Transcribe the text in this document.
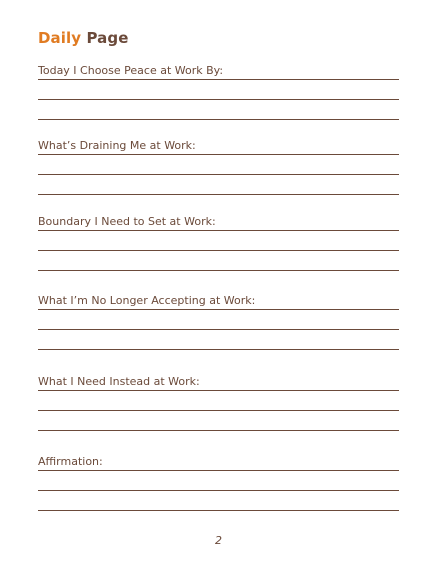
Daily Page
Today I Choose Peace at Work By:
What’s Draining Me at Work:
Boundary I Need to Set at Work:
What I’m No Longer Accepting at Work:
What I Need Instead at Work:
Affirmation:
2
